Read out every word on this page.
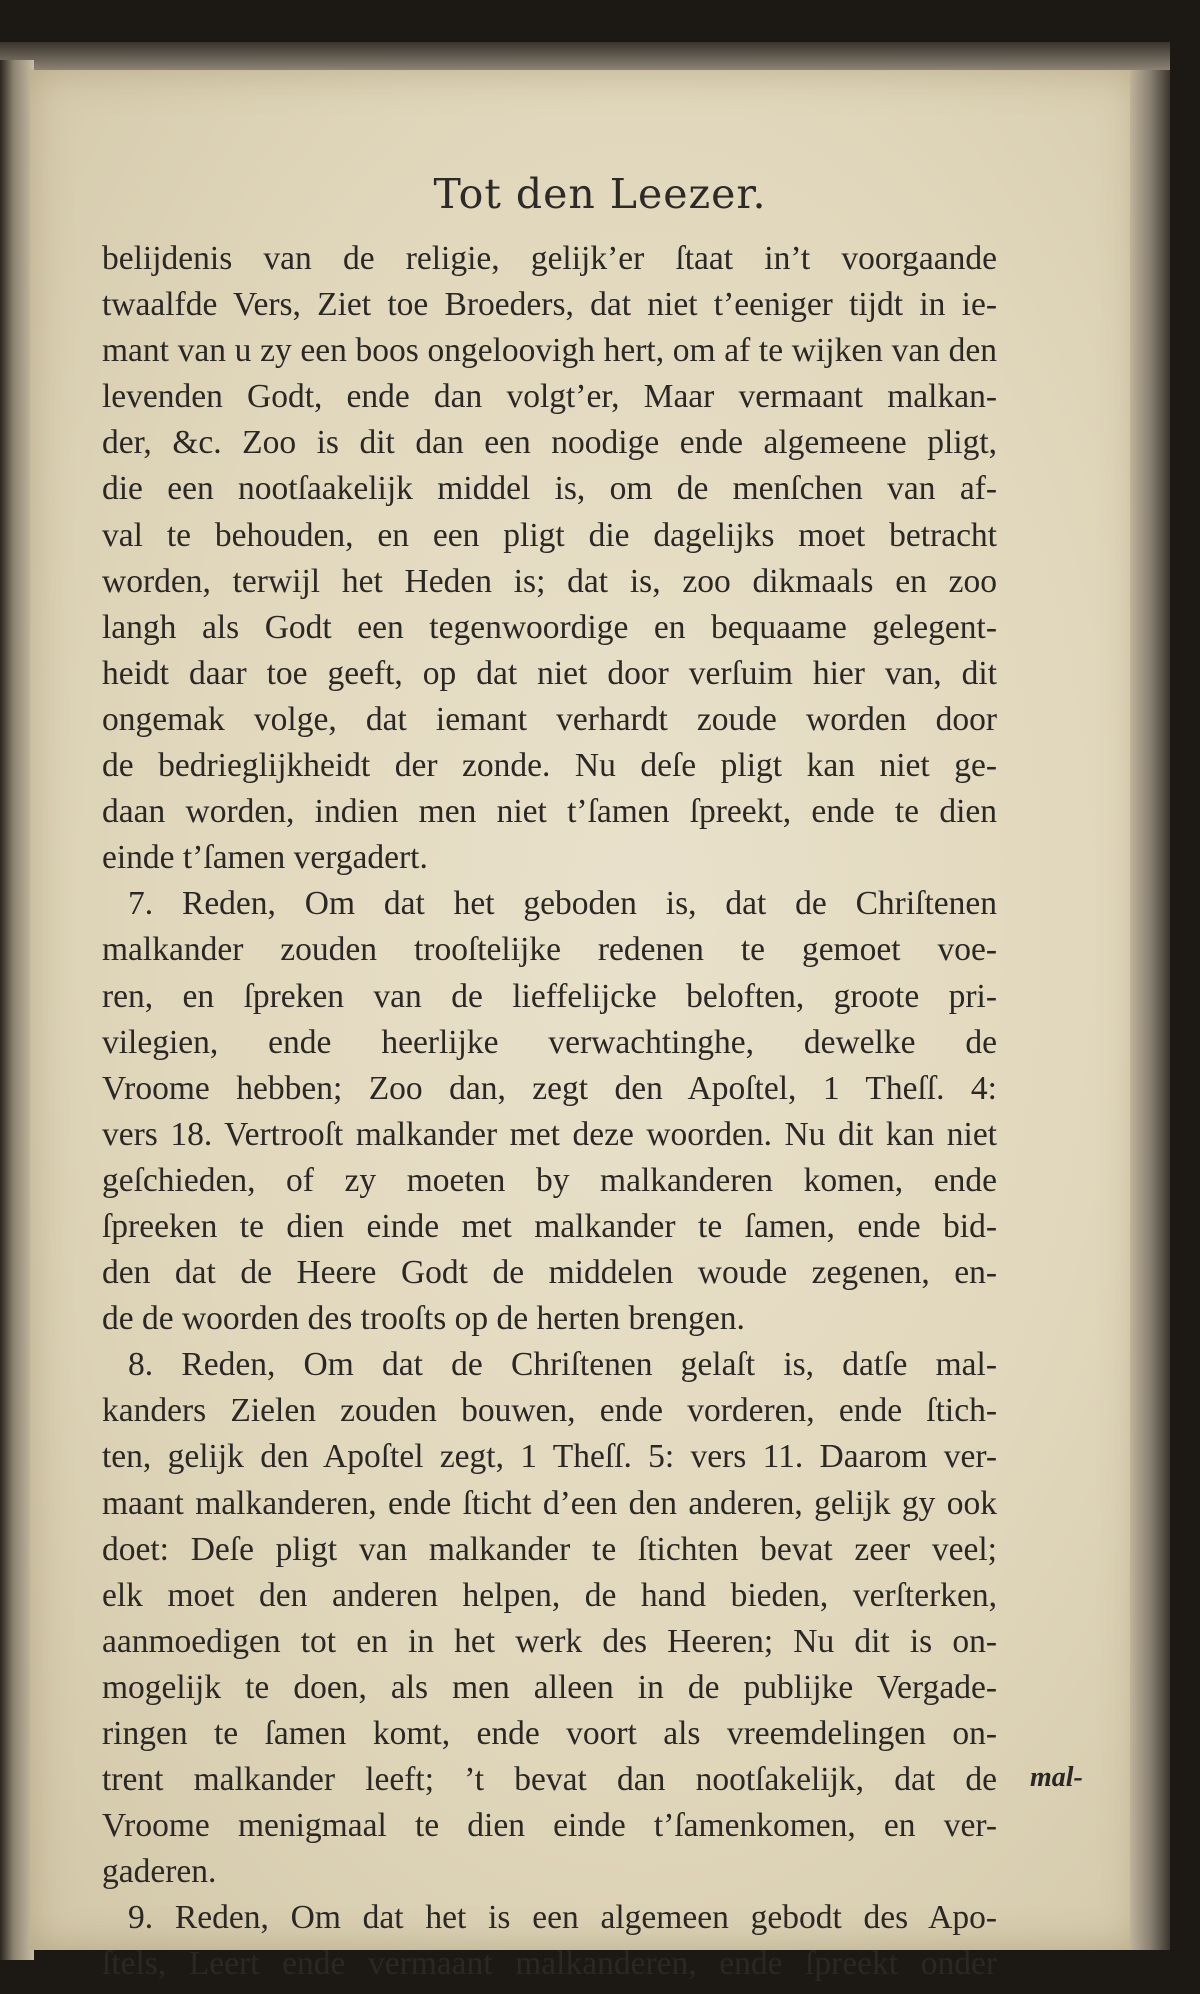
Tot den Leezer.
belijdenis van de religie, gelijk’er ſtaat in’t voorgaande
twaalfde Vers, Ziet toe Broeders, dat niet t’eeniger tijdt in ie-
mant van u zy een boos ongeloovigh hert, om af te wijken van den
levenden Godt, ende dan volgt’er, Maar vermaant malkan-
der, &c. Zoo is dit dan een noodige ende algemeene pligt,
die een nootſaakelijk middel is, om de menſchen van af-
val te behouden, en een pligt die dagelijks moet betracht
worden, terwijl het Heden is; dat is, zoo dikmaals en zoo
langh als Godt een tegenwoordige en bequaame gelegent-
heidt daar toe geeft, op dat niet door verſuim hier van, dit
ongemak volge, dat iemant verhardt zoude worden door
de bedrieglijkheidt der zonde. Nu deſe pligt kan niet ge-
daan worden, indien men niet t’ſamen ſpreekt, ende te dien
einde t’ſamen vergadert.
7. Reden, Om dat het geboden is, dat de Chriſtenen
malkander zouden trooſtelijke redenen te gemoet voe-
ren, en ſpreken van de lieffelijcke beloften, groote pri-
vilegien, ende heerlijke verwachtinghe, dewelke de
Vroome hebben; Zoo dan, zegt den Apoſtel, 1 Theſſ. 4:
vers 18. Vertrooſt malkander met deze woorden. Nu dit kan niet
geſchieden, of zy moeten by malkanderen komen, ende
ſpreeken te dien einde met malkander te ſamen, ende bid-
den dat de Heere Godt de middelen woude zegenen, en-
de de woorden des trooſts op de herten brengen.
8. Reden, Om dat de Chriſtenen gelaſt is, datſe mal-
kanders Zielen zouden bouwen, ende vorderen, ende ſtich-
ten, gelijk den Apoſtel zegt, 1 Theſſ. 5: vers 11. Daarom ver-
maant malkanderen, ende ſticht d’een den anderen, gelijk gy ook
doet: Deſe pligt van malkander te ſtichten bevat zeer veel;
elk moet den anderen helpen, de hand bieden, verſterken,
aanmoedigen tot en in het werk des Heeren; Nu dit is on-
mogelijk te doen, als men alleen in de publijke Vergade-
ringen te ſamen komt, ende voort als vreemdelingen on-
trent malkander leeft; ’t bevat dan nootſakelijk, dat de
Vroome menigmaal te dien einde t’ſamenkomen, en ver-
gaderen.
9. Reden, Om dat het is een algemeen gebodt des Apo-
ſtels, Leert ende vermaant malkanderen, ende ſpreekt onder
mal-
